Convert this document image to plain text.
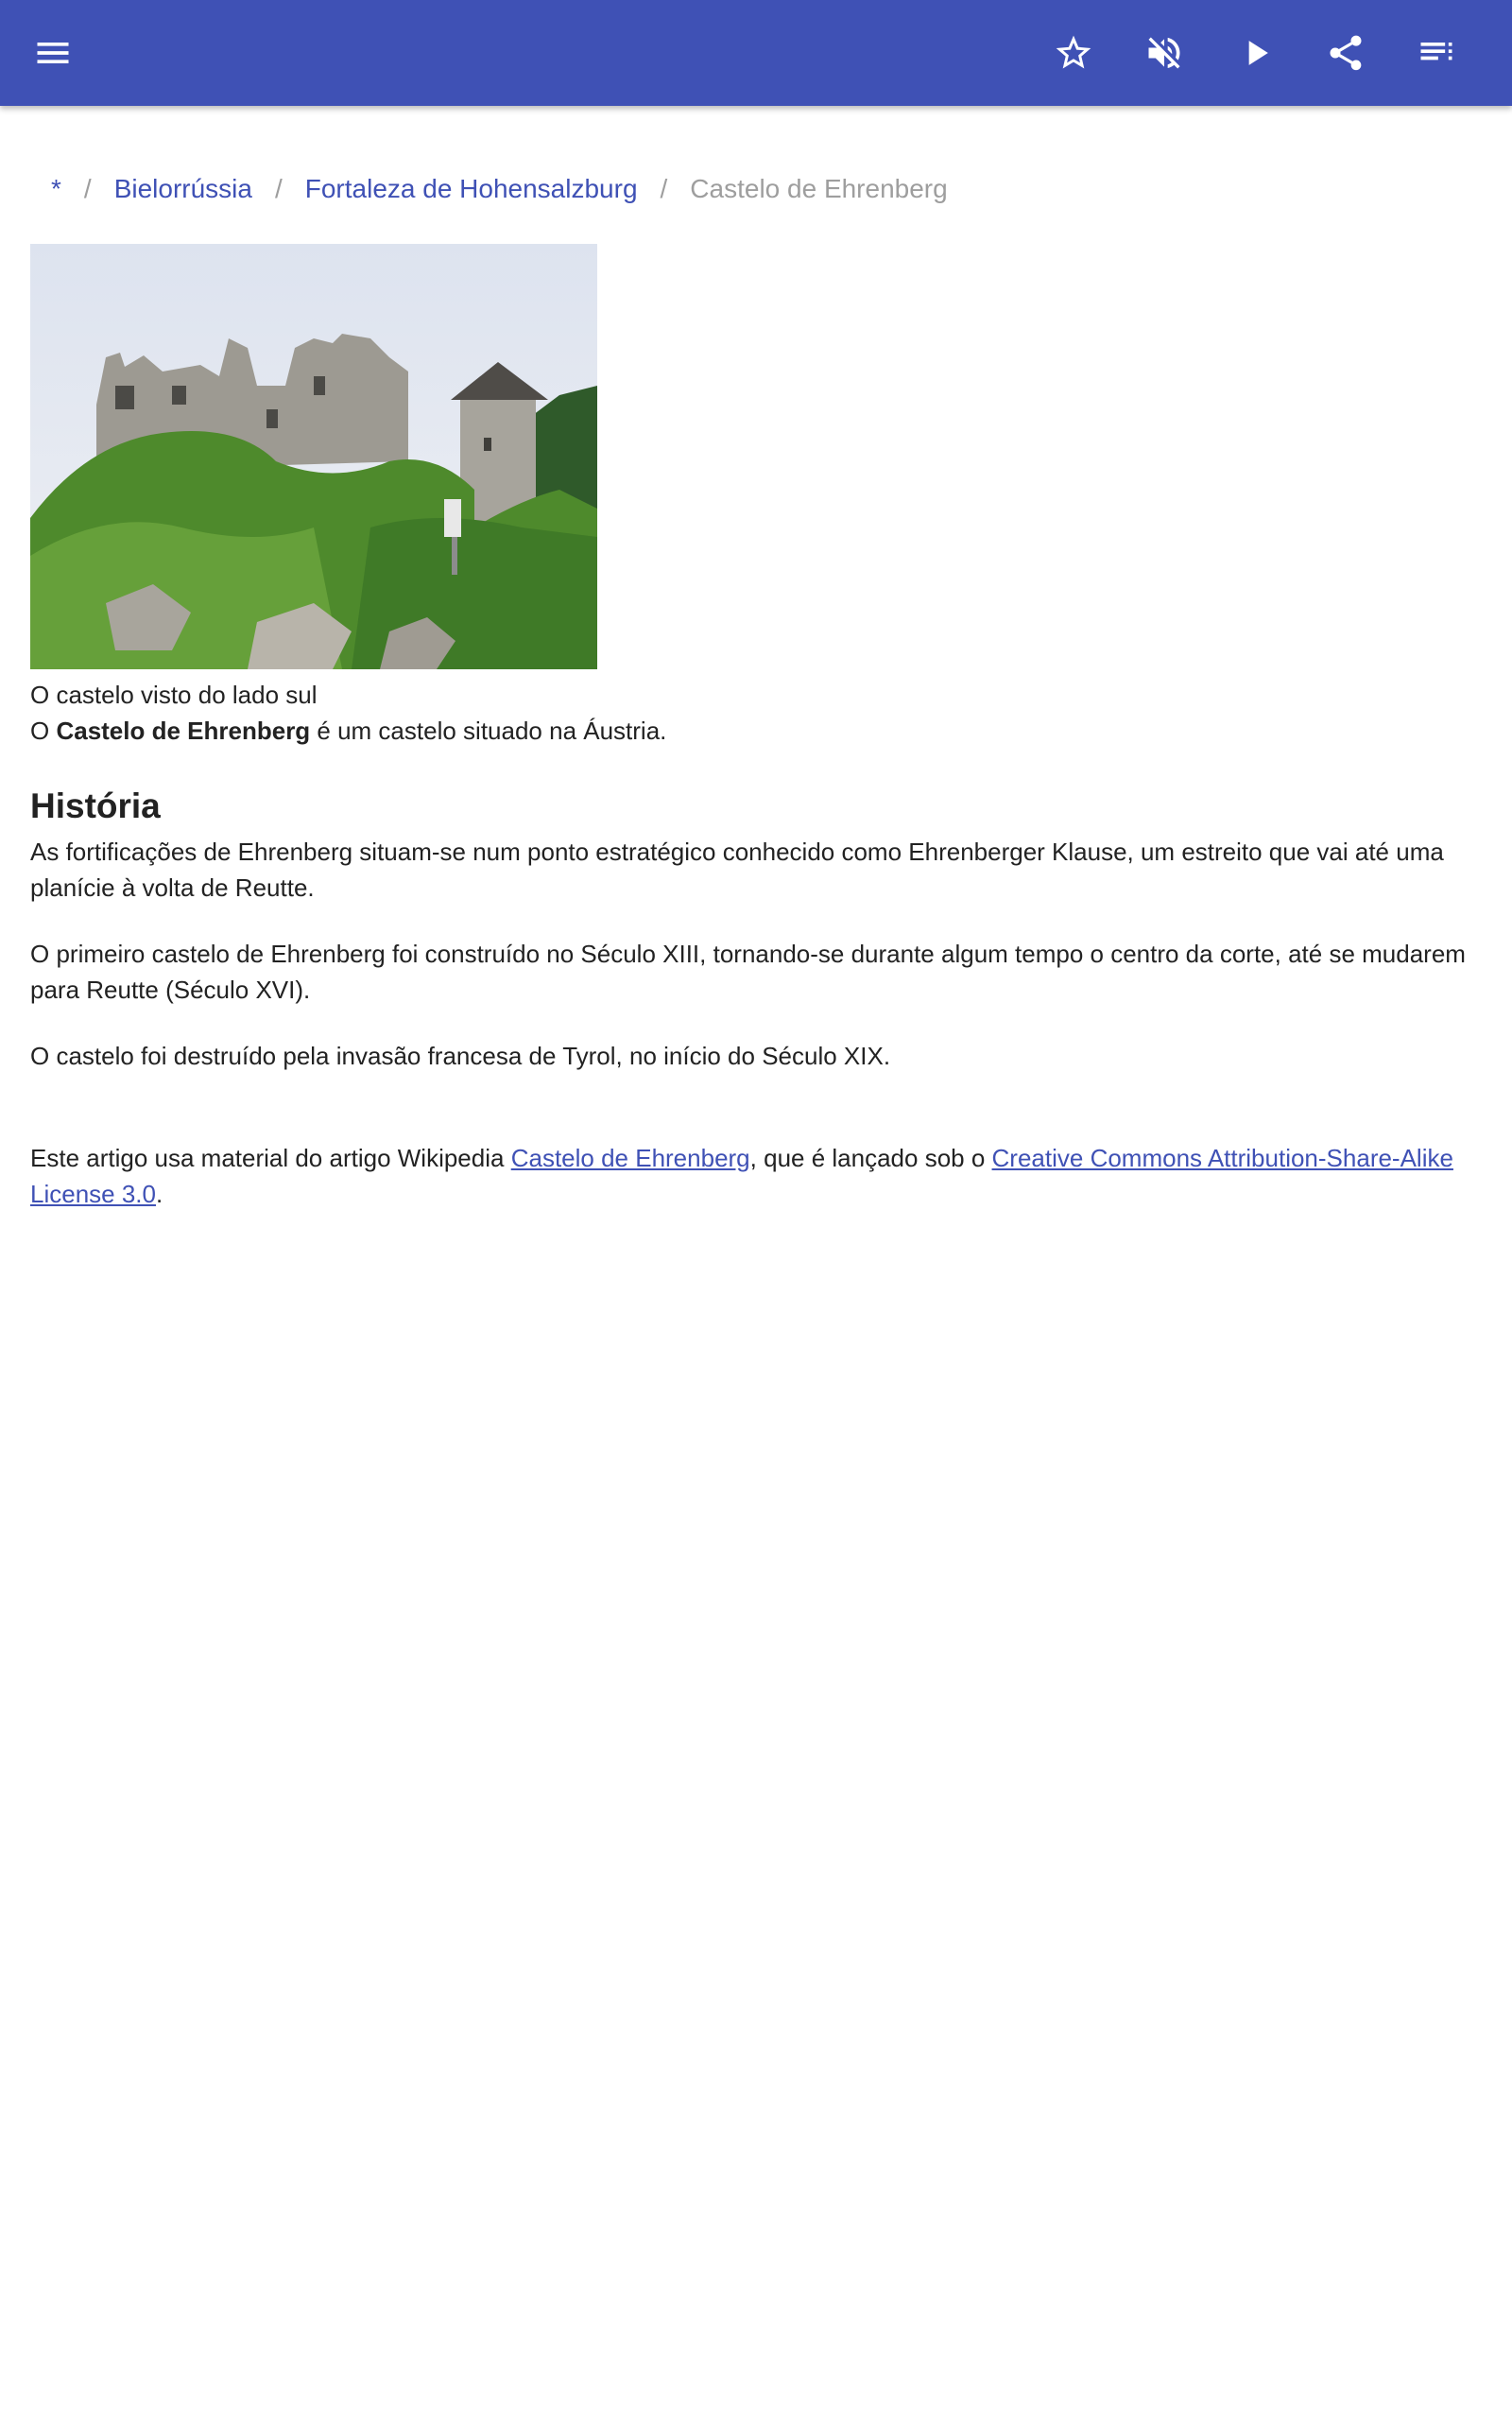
* / Bielorrússia / Fortaleza de Hohensalzburg / Castelo de Ehrenberg
O castelo visto do lado sul
O Castelo de Ehrenberg é um castelo situado na Áustria.
História

As fortificações de Ehrenberg situam-se num ponto estratégico conhecido como Ehrenberger Klause, um estreito que vai até uma planície à volta de Reutte.

O primeiro castelo de Ehrenberg foi construído no Século XIII, tornando-se durante algum tempo o centro da corte, até se mudarem para Reutte (Século XVI).

O castelo foi destruído pela invasão francesa de Tyrol, no início do Século XIX.

Este artigo usa material do artigo Wikipedia Castelo de Ehrenberg, que é lançado sob o Creative Commons Attribution-Share-Alike License 3.0.
